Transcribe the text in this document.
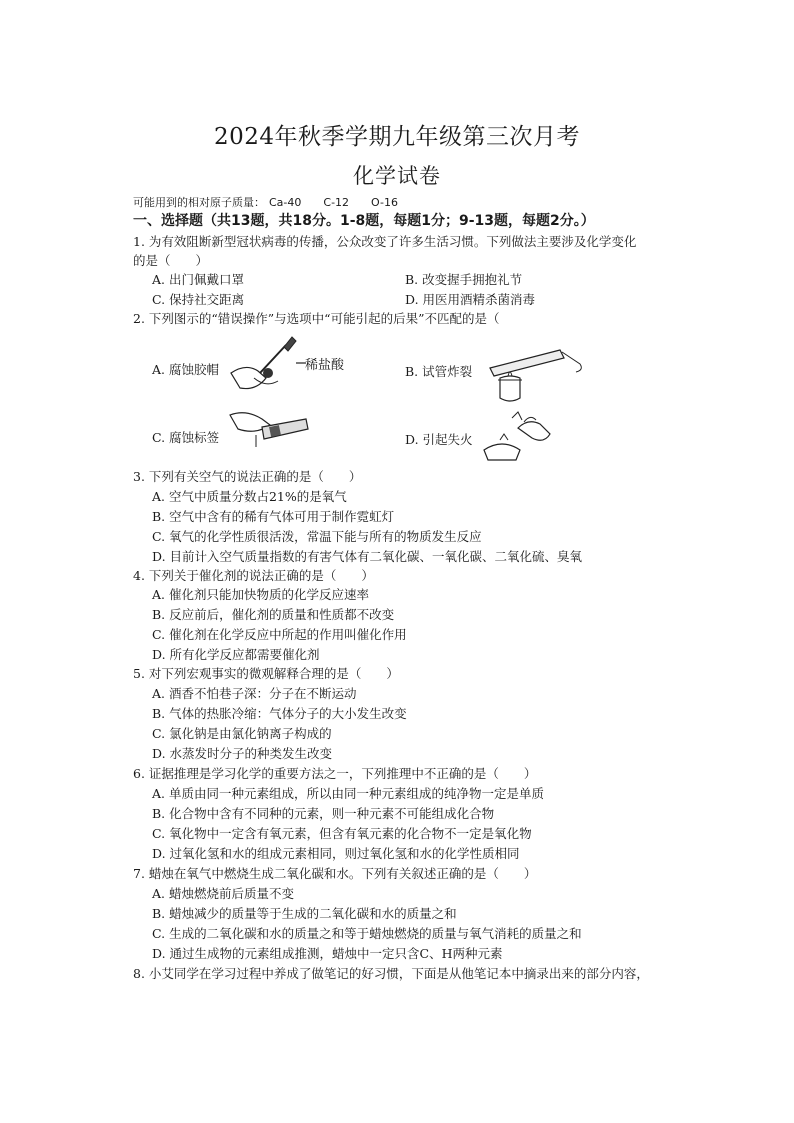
2024年秋季学期九年级第三次月考
化学试卷
可能用到的相对原子质量： Ca-40 C-12 O-16
一、选择题（共13题，共18分。1-8题，每题1分；9-13题，每题2分。）
1. 为有效阻断新型冠状病毒的传播，公众改变了许多生活习惯。下列做法主要涉及化学变化
的是（　　）
A. 出门佩戴口罩	B. 改变握手拥抱礼节
C. 保持社交距离	D. 用医用酒精杀菌消毒
2. 下列图示的“错误操作”与选项中“可能引起的后果”不匹配的是（
A. 腐蚀胶帽	稀盐酸	B. 试管炸裂
C. 腐蚀标签	D. 引起失火
3. 下列有关空气的说法正确的是（　　）
A. 空气中质量分数占21%的是氧气
B. 空气中含有的稀有气体可用于制作霓虹灯
C. 氧气的化学性质很活泼，常温下能与所有的物质发生反应
D. 目前计入空气质量指数的有害气体有二氧化碳、一氧化碳、二氧化硫、臭氧
4. 下列关于催化剂的说法正确的是（　　）
A. 催化剂只能加快物质的化学反应速率
B. 反应前后，催化剂的质量和性质都不改变
C. 催化剂在化学反应中所起的作用叫催化作用
D. 所有化学反应都需要催化剂
5. 对下列宏观事实的微观解释合理的是（　　）
A. 酒香不怕巷子深：分子在不断运动
B. 气体的热胀冷缩：气体分子的大小发生改变
C. 氯化钠是由氯化钠离子构成的
D. 水蒸发时分子的种类发生改变
6. 证据推理是学习化学的重要方法之一，下列推理中不正确的是（　　）
A. 单质由同一种元素组成，所以由同一种元素组成的纯净物一定是单质
B. 化合物中含有不同种的元素，则一种元素不可能组成化合物
C. 氧化物中一定含有氧元素，但含有氧元素的化合物不一定是氧化物
D. 过氧化氢和水的组成元素相同，则过氧化氢和水的化学性质相同
7. 蜡烛在氧气中燃烧生成二氧化碳和水。下列有关叙述正确的是（　　）
A. 蜡烛燃烧前后质量不变
B. 蜡烛减少的质量等于生成的二氧化碳和水的质量之和
C. 生成的二氧化碳和水的质量之和等于蜡烛燃烧的质量与氧气消耗的质量之和
D. 通过生成物的元素组成推测，蜡烛中一定只含C、H两种元素
8. 小艾同学在学习过程中养成了做笔记的好习惯，下面是从他笔记本中摘录出来的部分内容，
